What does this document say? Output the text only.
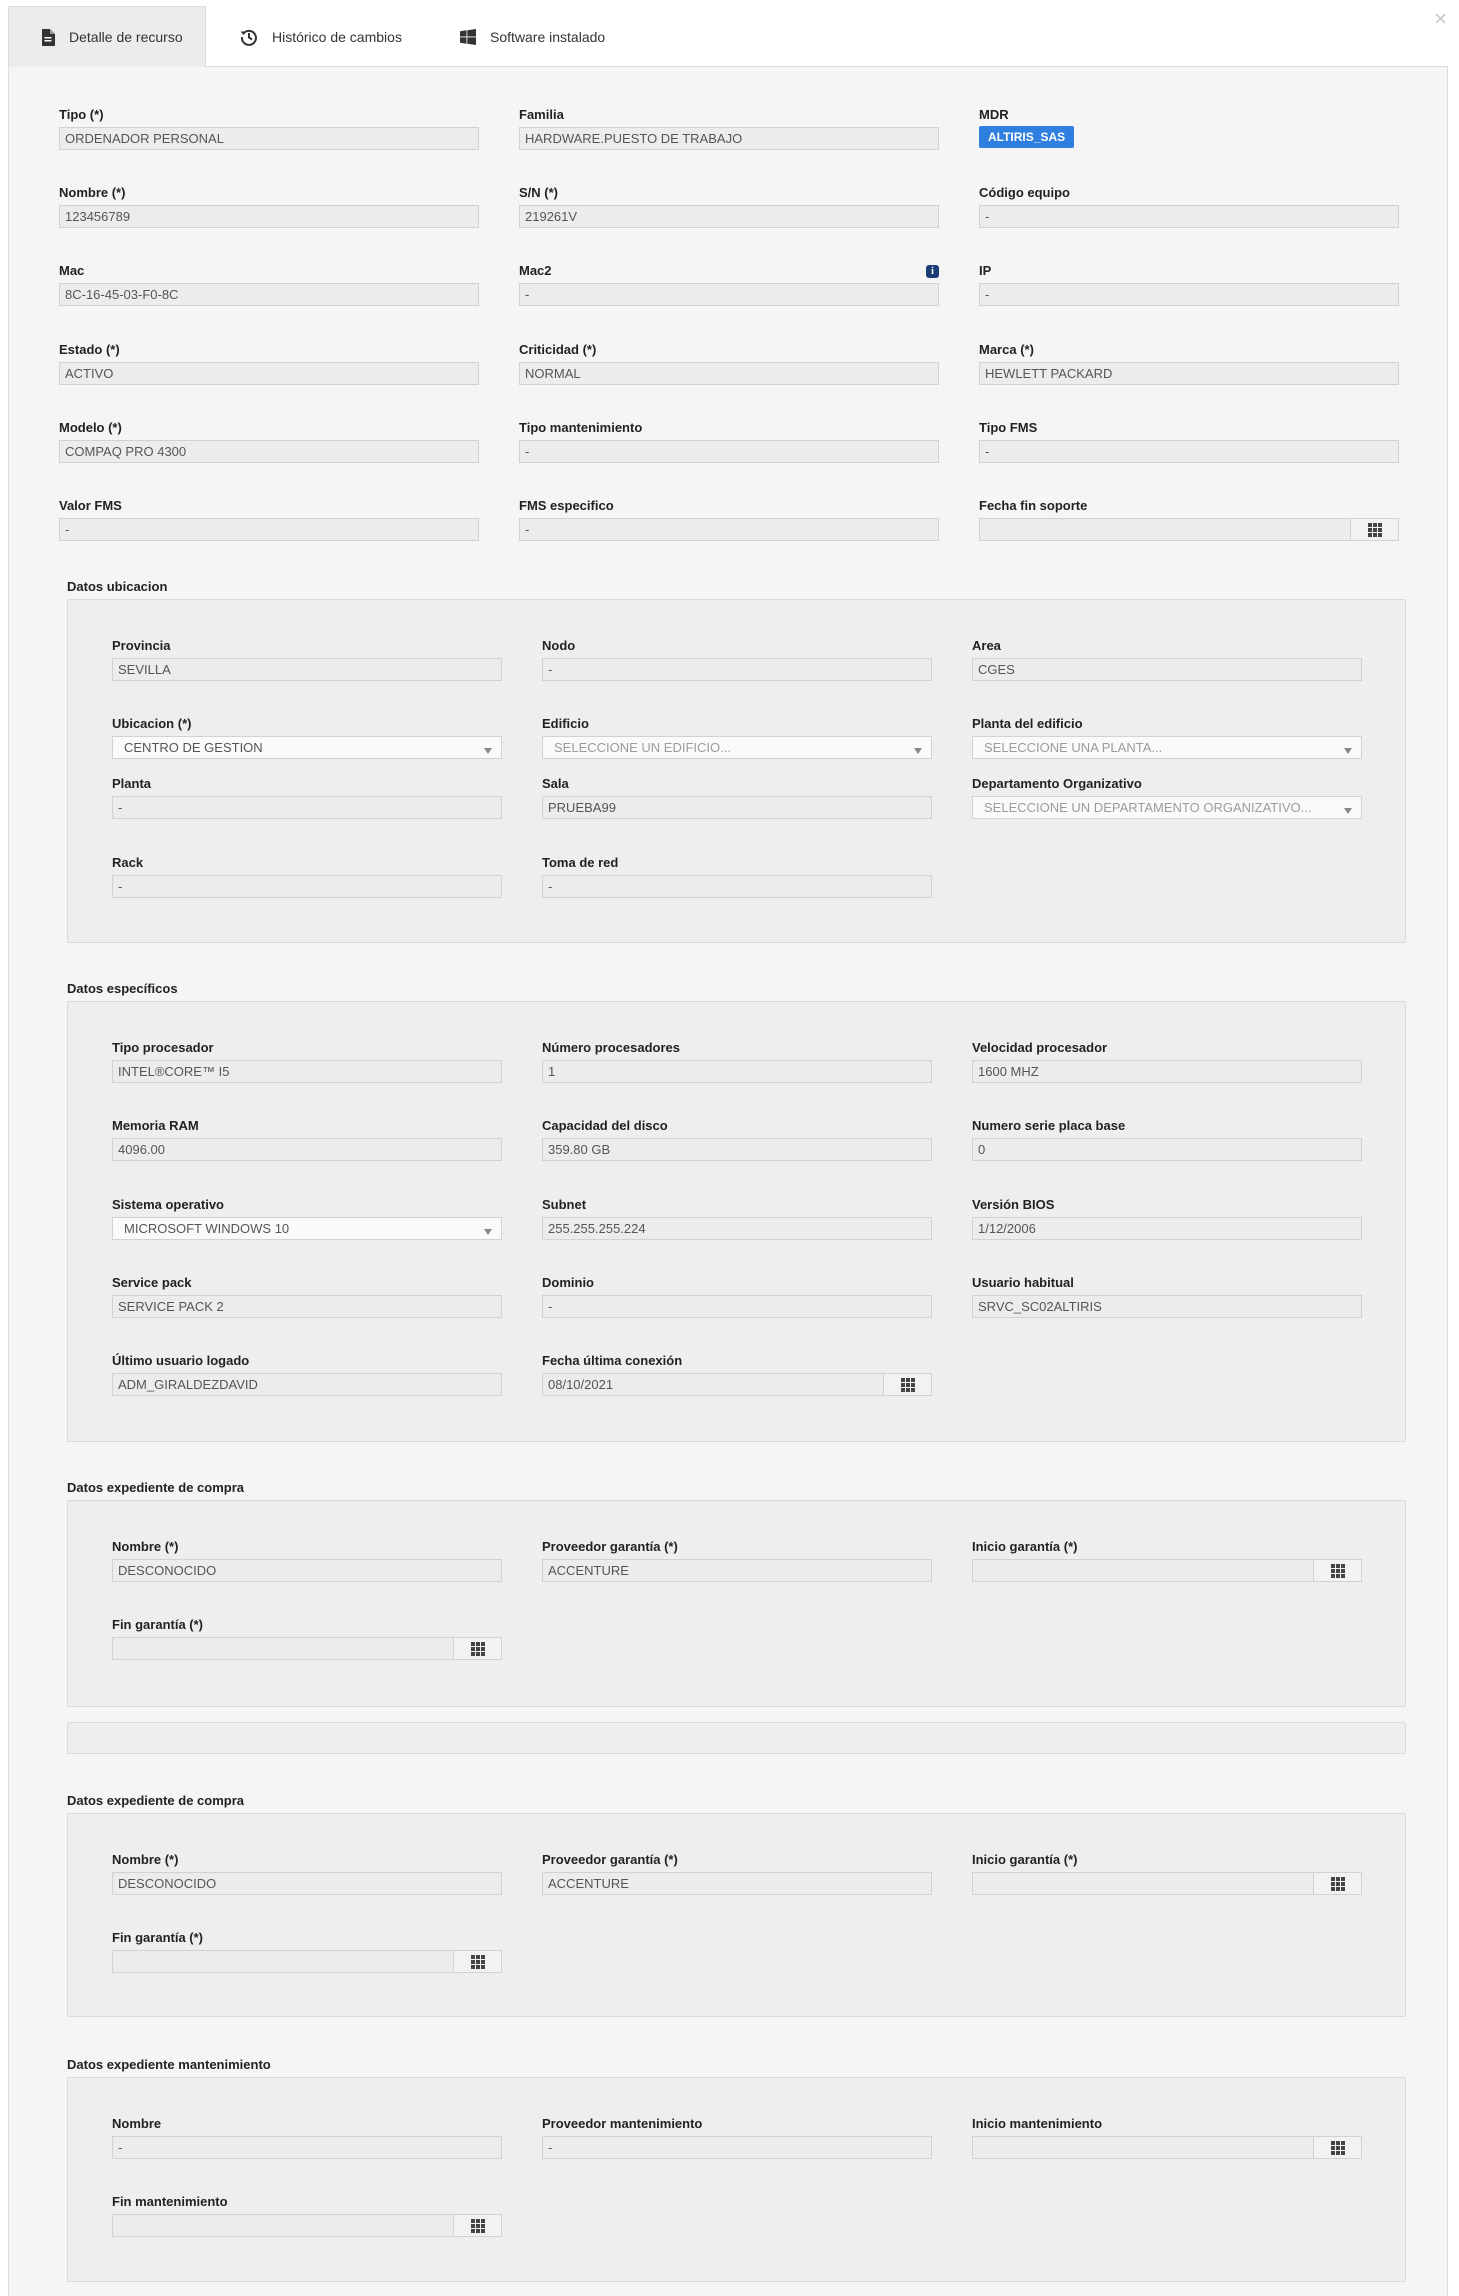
Detalle de recurso	Histórico de cambios	Software instalado
×
Tipo (*)
ORDENADOR PERSONAL
Familia
HARDWARE.PUESTO DE TRABAJO
MDR
ALTIRIS_SAS
Nombre (*)
123456789
S/N (*)
219261V
Código equipo
-
Mac
8C-16-45-03-F0-8C
Mac2	i
-
IP
-
Estado (*)
ACTIVO
Criticidad (*)
NORMAL
Marca (*)
HEWLETT PACKARD
Modelo (*)
COMPAQ PRO 4300
Tipo mantenimiento
-
Tipo FMS
-
Valor FMS
-
FMS especifico
-
Fecha fin soporte
Datos ubicacion
Provincia
SEVILLA
Nodo
-
Area
CGES
Ubicacion (*)
CENTRO DE GESTION
Edificio
SELECCIONE UN EDIFICIO...
Planta del edificio
SELECCIONE UNA PLANTA...
Planta
-
Sala
PRUEBA99
Departamento Organizativo
SELECCIONE UN DEPARTAMENTO ORGANIZATIVO...
Rack
-
Toma de red
-
Datos específicos
Tipo procesador
INTEL®CORE™ I5
Número procesadores
1
Velocidad procesador
1600 MHZ
Memoria RAM
4096.00
Capacidad del disco
359.80 GB
Numero serie placa base
0
Sistema operativo
MICROSOFT WINDOWS 10
Subnet
255.255.255.224
Versión BIOS
1/12/2006
Service pack
SERVICE PACK 2
Dominio
-
Usuario habitual
SRVC_SC02ALTIRIS
Último usuario logado
ADM_GIRALDEZDAVID
Fecha última conexión
08/10/2021
Datos expediente de compra
Nombre (*)
DESCONOCIDO
Proveedor garantía (*)
ACCENTURE
Inicio garantía (*)
Fin garantía (*)
Datos expediente de compra
Nombre (*)
DESCONOCIDO
Proveedor garantía (*)
ACCENTURE
Inicio garantía (*)
Fin garantía (*)
Datos expediente mantenimiento
Nombre
-
Proveedor mantenimiento
-
Inicio mantenimiento
Fin mantenimiento
